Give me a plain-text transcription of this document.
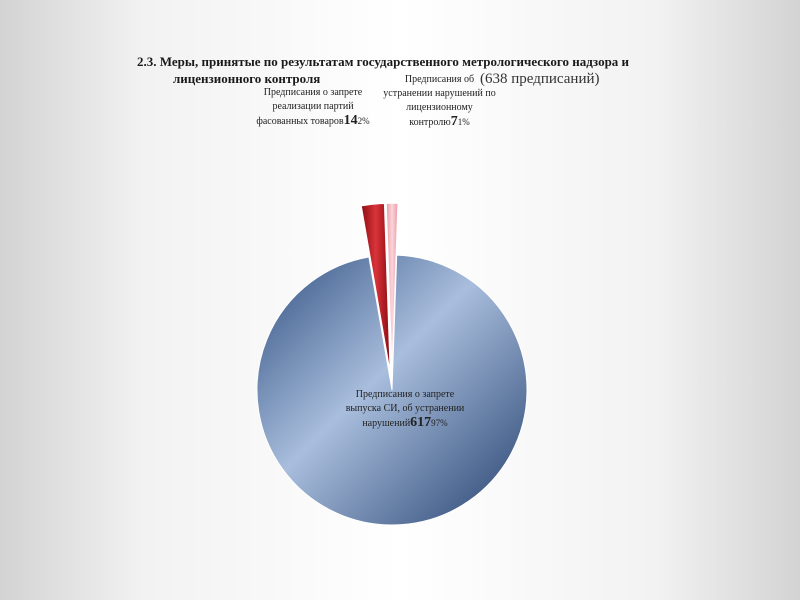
2.3. Меры, принятые по результатам государственного метрологического надзора и
лицензионного контроля	(638 предписаний)
Предписания о запрете
выпуска СИ, об устранении
нарушений61797%
Предписания о запрете
реализации партий
фасованных товаров142%
Предписания об
устранении нарушений по
лицензионному
контролю71%
